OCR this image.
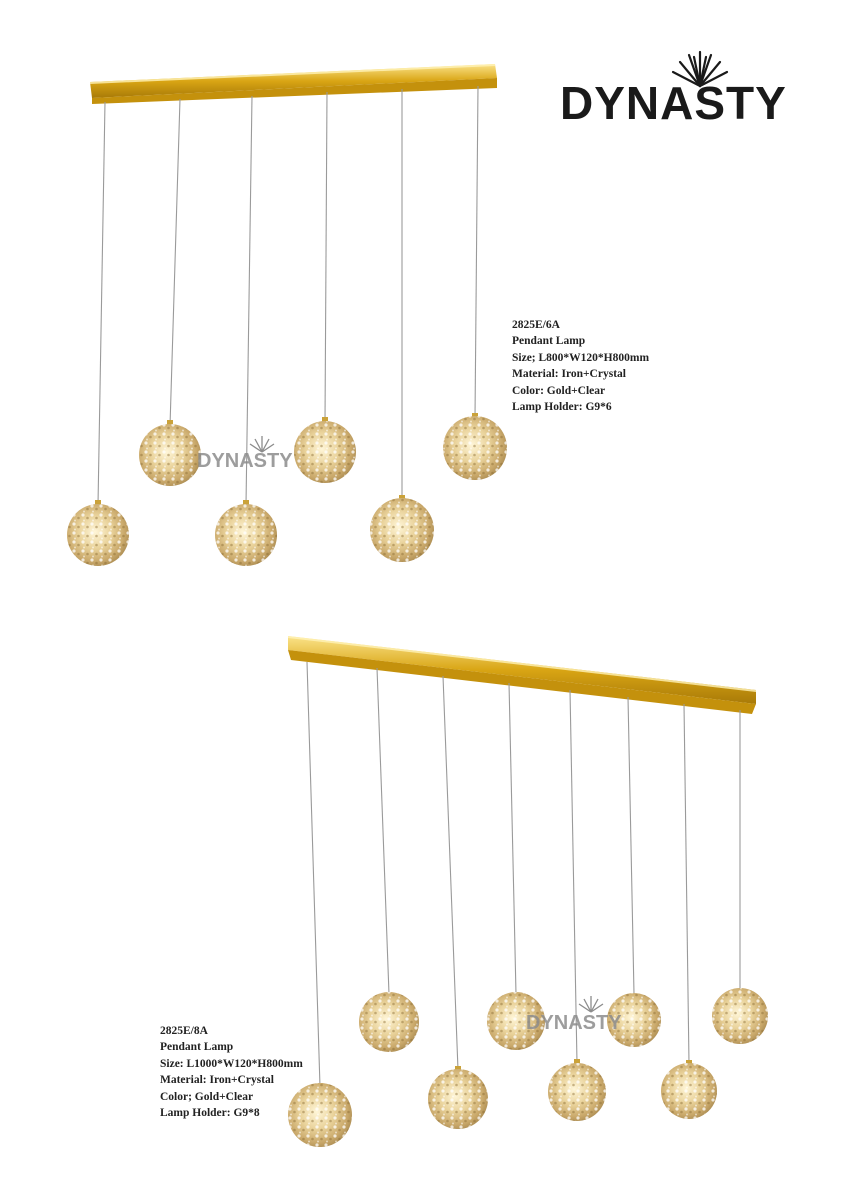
DYNASTY
DYNASTY
DYNASTY
2825E/6A
Pendant Lamp
Size; L800*W120*H800mm
Material: Iron+Crystal
Color: Gold+Clear
Lamp Holder: G9*6
2825E/8A
Pendant Lamp
Size: L1000*W120*H800mm
Material: Iron+Crystal
Color; Gold+Clear
Lamp Holder: G9*8
